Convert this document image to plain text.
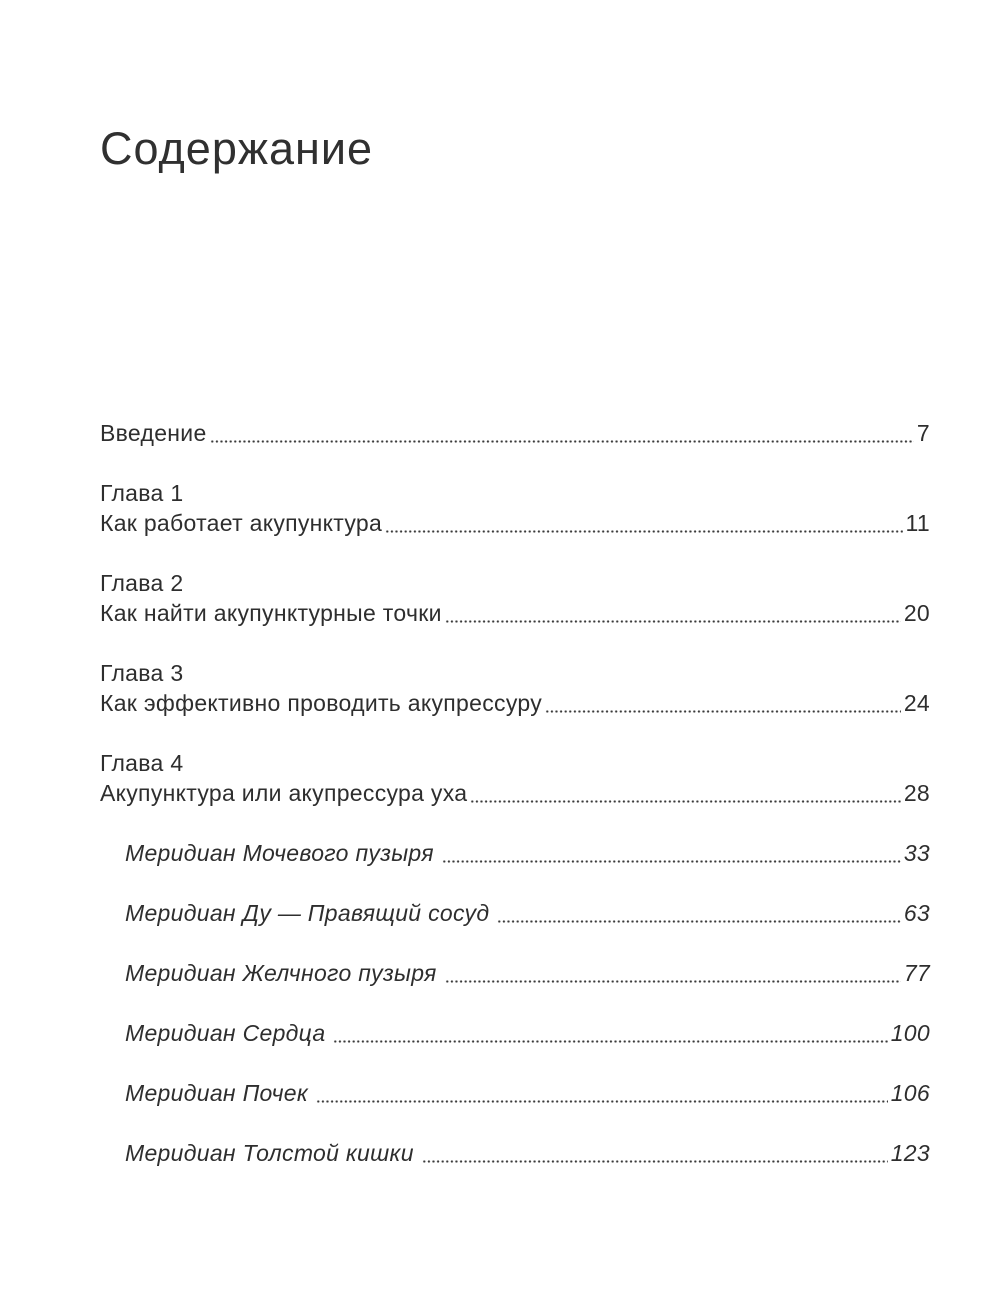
Содержание
Введение	7
Глава 1
Как работает акупунктура	11
Глава 2
Как найти акупунктурные точки	20
Глава 3
Как эффективно проводить акупрессуру	24
Глава 4
Акупунктура или акупрессура уха	28
Меридиан Мочевого пузыря	33
Меридиан Ду — Правящий сосуд	63
Меридиан Желчного пузыря	77
Меридиан Сердца	100
Меридиан Почек	106
Меридиан Толстой кишки	123
